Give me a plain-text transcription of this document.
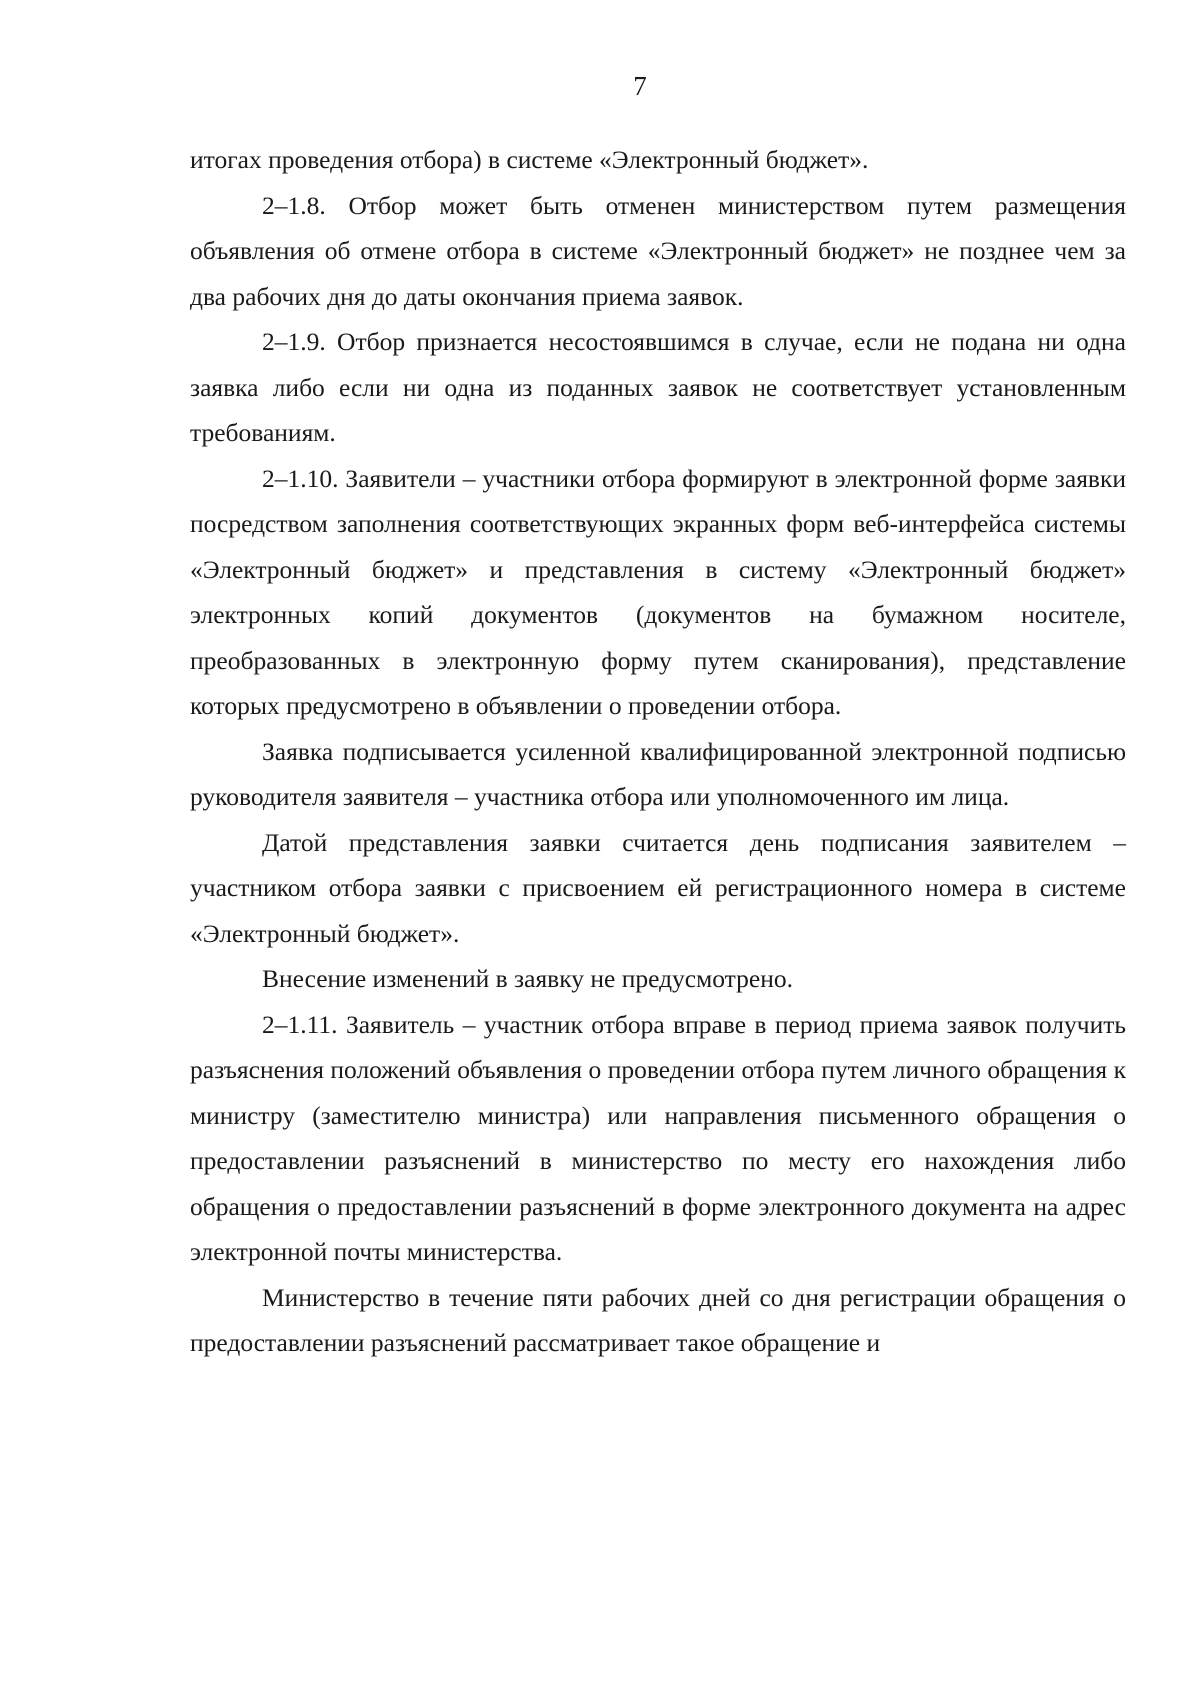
7

итогах проведения отбора) в системе «Электронный бюджет».

2–1.8. Отбор может быть отменен министерством путем размещения объявления об отмене отбора в системе «Электронный бюджет» не позднее чем за два рабочих дня до даты окончания приема заявок.

2–1.9. Отбор признается несостоявшимся в случае, если не подана ни одна заявка либо если ни одна из поданных заявок не соответствует установленным требованиям.

2–1.10. Заявители – участники отбора формируют в электронной форме заявки посредством заполнения соответствующих экранных форм веб-интерфейса системы «Электронный бюджет» и представления в систему «Электронный бюджет» электронных копий документов (документов на бумажном носителе, преобразованных в электронную форму путем сканирования), представление которых предусмотрено в объявлении о проведении отбора.

Заявка подписывается усиленной квалифицированной электронной подписью руководителя заявителя – участника отбора или уполномоченного им лица.

Датой представления заявки считается день подписания заявителем – участником отбора заявки с присвоением ей регистрационного номера в системе «Электронный бюджет».

Внесение изменений в заявку не предусмотрено.

2–1.11. Заявитель – участник отбора вправе в период приема заявок получить разъяснения положений объявления о проведении отбора путем личного обращения к министру (заместителю министра) или направления письменного обращения о предоставлении разъяснений в министерство по месту его нахождения либо обращения о предоставлении разъяснений в форме электронного документа на адрес электронной почты министерства.

Министерство в течение пяти рабочих дней со дня регистрации обращения о предоставлении разъяснений рассматривает такое обращение и
